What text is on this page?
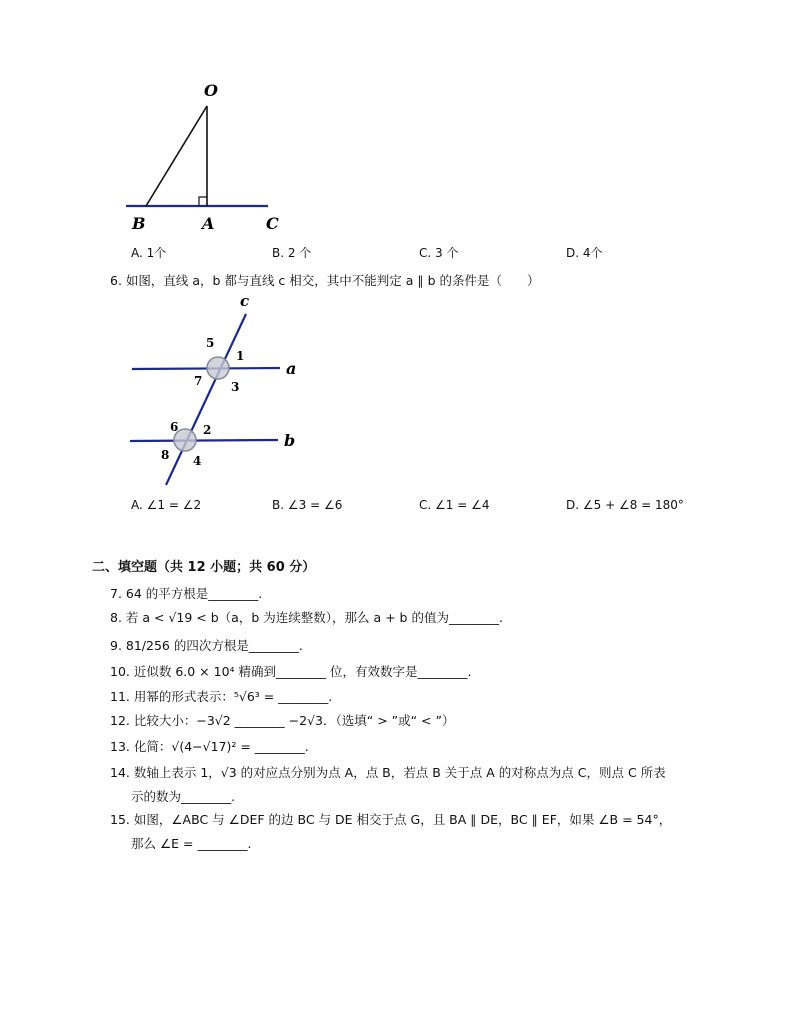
O
B	A	C
A. 1个	B. 2 个	C. 3 个	D. 4个
6. 如图，直线 a，b 都与直线 c 相交，其中不能判定 a ∥ b 的条件是（　　）
c
a
b
5
1
7 3
6 2
8 4
A. ∠1 = ∠2	B. ∠3 = ∠6	C. ∠1 = ∠4	D. ∠5 + ∠8 = 180°
二、填空题（共 12 小题；共 60 分）
7. 64 的平方根是________.
8. 若 a < √19 < b（a，b 为连续整数），那么 a + b 的值为________.
9. 81/256 的四次方根是________.
10. 近似数 6.0 × 10⁴ 精确到________ 位，有效数字是________.
11. 用幂的形式表示：⁵√6³ = ________.
12. 比较大小：−3√2 ________ −2√3．（选填“ > ”或“ < ”）
13. 化简：√(4−√17)² = ________.
14. 数轴上表示 1，√3 的对应点分别为点 A，点 B，若点 B 关于点 A 的对称点为点 C，则点 C 所表
示的数为________.
15. 如图，∠ABC 与 ∠DEF 的边 BC 与 DE 相交于点 G，且 BA ∥ DE，BC ∥ EF，如果 ∠B = 54°，
那么 ∠E = ________.
